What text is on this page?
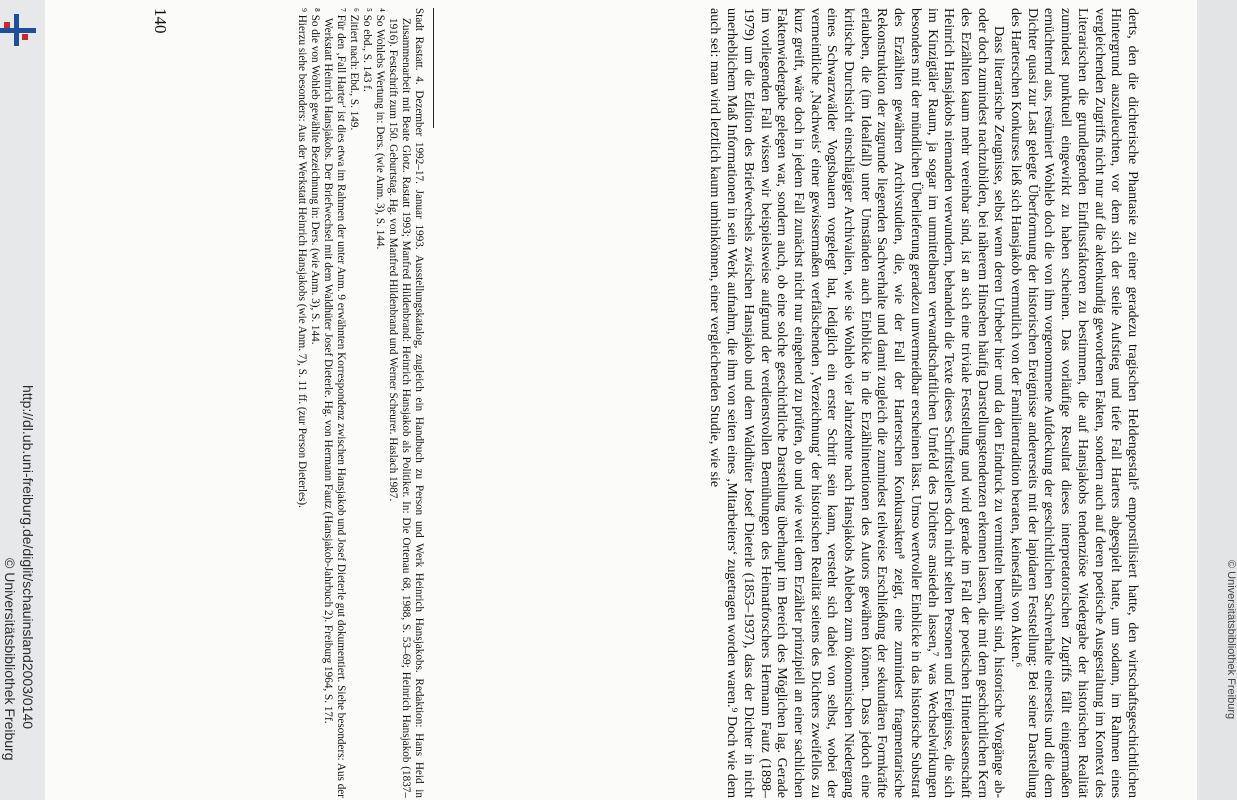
http://dl.ub.uni-freiburg.de/diglit/schauinsland2003/0140
© Universitätsbibliothek Freiburg	© Universitätsbibliothek Freiburg

derts, den die dichterische Phantasie zu einer geradezu tragischen Heldengestalt⁵ emporstilisiert hatte, den wirtschaftsgeschichtlichen Hintergrund auszuleuchten, vor dem sich der steile Aufstieg und tiefe Fall Harters abgespielt hatte, um sodann, im Rahmen eines vergleichenden Zugriffs nicht nur auf die aktenkundig gewordenen Fakten, sondern auch auf deren poetische Ausgestaltung im Kontext des Literarischen die grundlegenden Einflussfaktoren zu bestimmen, die auf Hansjakobs tendenziöse Wiedergabe der historischen Realität zumindest punktuell eingewirkt zu haben scheinen. Das vorläufige Resultat dieses interpretatorischen Zugriffs fällt einigermaßen ernüchternd aus, resümiert Wohleb doch die von ihm vorgenommene Aufdeckung der geschichtlichen Sachverhalte einerseits und die dem Dichter quasi zur Last gelegte Überformung der historischen Ereignisse andererseits mit der lapidaren Feststellung: Bei seiner Darstellung des Harterschen Konkurses ließ sich Hansjakob vermutlich von der Familientradition beraten, keinesfalls von Akten.⁶

Dass literarische Zeugnisse, selbst wenn deren Urheber hier und da den Eindruck zu vermitteln bemüht sind, historische Vorgänge ab- oder doch zumindest nachzubilden, bei näherem Hinsehen häufig Darstellungstendenzen erkennen lassen, die mit dem geschichtlichen Kern des Erzählten kaum mehr vereinbar sind, ist an sich eine triviale Feststellung und wird gerade im Fall der poetischen Hinterlassenschaft Heinrich Hansjakobs niemanden verwundern, behandeln die Texte dieses Schriftstellers doch nicht selten Personen und Ereignisse, die sich im Kinzigtäler Raum, ja sogar im unmittelbaren verwandtschaftlichen Umfeld des Dichters ansiedeln lassen,⁷ was Wechselwirkungen besonders mit der mündlichen Überlieferung geradezu unvermeidbar erscheinen lässt. Umso wertvoller Einblicke in das historische Substrat des Erzählten gewähren Archivstudien, die, wie der Fall der Harterschen Konkursakten⁸ zeigt, eine zumindest fragmentarische Rekonstruktion der zugrunde liegenden Sachverhalte und damit zugleich die zumindest teilweise Erschließung der sekundären Formkräfte erlauben, die (im Idealfall) unter Umständen auch Einblicke in die Erzählintentionen des Autors gewähren können. Dass jedoch eine kritische Durchsicht einschlägiger Archivalien, wie sie Wohleb vier Jahrzehnte nach Hansjakobs Ableben zum ökonomischen Niedergang eines Schwarzwälder Vogtsbauern vorgelegt hat, lediglich ein erster Schritt sein kann, versteht sich dabei von selbst, wobei der vermeintliche ‚Nachweis‘ einer gewissermaßen verfälschenden ‚Verzeichnung‘ der historischen Realität seitens des Dichters zweifellos zu kurz greift, wäre doch in jedem Fall zunächst nicht nur eingehend zu prüfen, ob und wie weit dem Erzähler prinzipiell an einer sachlichen Faktenwiedergabe gelegen war, sondern auch, ob eine solche geschichtliche Darstellung überhaupt im Bereich des Möglichen lag. Gerade im vorliegenden Fall wissen wir beispielsweise aufgrund der verdienstvollen Bemühungen des Heimatforschers Hermann Fautz (1898–1979) um die Edition des Briefwechsels zwischen Hansjakob und dem Waldhüter Josef Dieterle (1853–1937), dass der Dichter in nicht unerheblichem Maß Informationen in sein Werk aufnahm, die ihm von seiten eines ‚Mitarbeiters‘ zugetragen worden waren.⁹ Doch wie dem auch sei: man wird letztlich kaum umhinkönnen, einer vergleichenden Studie, wie sie

Stadt Rastatt. 4. Dezember 1992–17. Januar 1993. Ausstellungskatalog, zugleich ein Handbuch zu Person und Werk Heinrich Hansjakobs. Redaktion: Hans Heid in Zusammenarbeit mit Beate Glotz. Rastatt 1993; Manfred Hildenbrand: Heinrich Hansjakob als Politiker. In: Die Ortenau 68, 1988, S. 53–69; Heinrich Hansjakob (1837–1916). Festschrift zum 150. Geburtstag. Hg. von Manfred Hildenbrand und Werner Scheurer. Haslach 1987.

⁴ So Wohlebs Wertung in: Ders. (wie Anm. 3), S. 144.

⁵ So ebd., S. 143 f.

⁶ Zitiert nach: Ebd., S. 149.

⁷ Für den ‚Fall Harter‘ ist dies etwa im Rahmen der unter Anm. 9 erwähnten Korrespondenz zwischen Hansjakob und Josef Dieterle gut dokumentiert. Siehe besonders: Aus der Werkstatt Heinrich Hansjakobs. Der Briefwechsel mit dem Waldhüter Josef Dieterle. Hg. von Hermann Fautz (Hansjakob-Jahrbuch 2). Freiburg 1964, S. 17f.

⁸ So die von Wohleb gewählte Bezeichnung in: Ders. (wie Anm. 3), S. 144.

⁹ Hierzu siehe besonders: Aus der Werkstatt Heinrich Hansjakobs (wie Anm. 7), S. 11 ff. (zur Person Dieterles).

140
